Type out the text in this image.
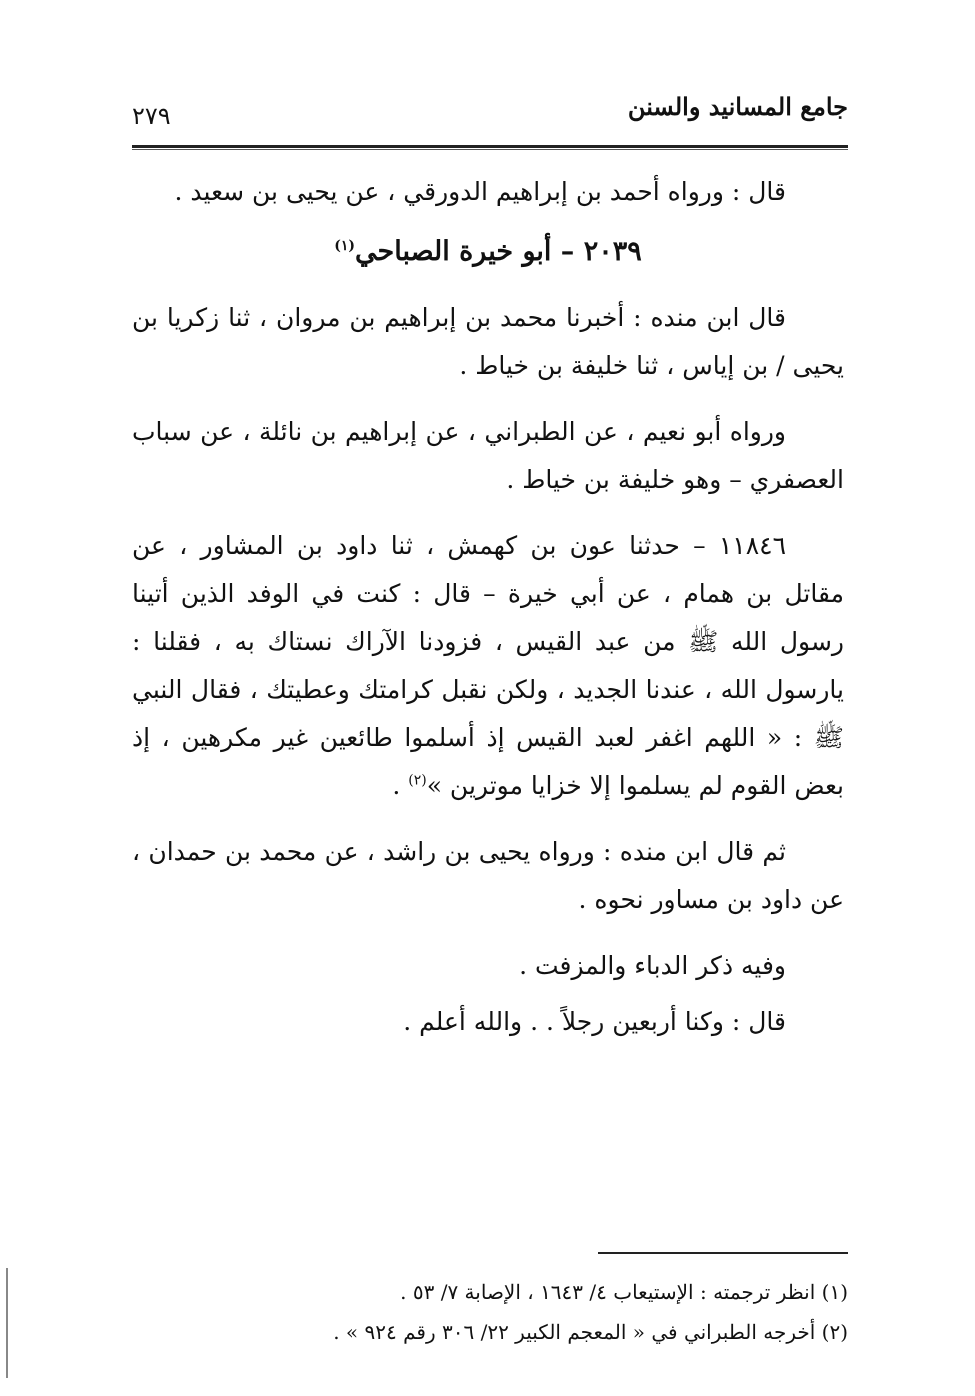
جامع المسانيد والسنن
٢٧٩

قال : ورواه أحمد بن إبراهيم الدورقي ، عن يحيى بن سعيد .

٢٠٣٩ – أبو خيرة الصباحي$^{(١)}$

قال ابن منده : أخبرنا محمد بن إبراهيم بن مروان ، ثنا زكريا بن يحيى / بن إياس ، ثنا خليفة بن خياط .

ورواه أبو نعيم ، عن الطبراني ، عن إبراهيم بن نائلة ، عن سباب العصفري – وهو خليفة بن خياط .

١١٨٤٦ – حدثنا عون بن كهمش ، ثنا داود بن المشاور ، عن مقاتل بن همام ، عن أبي خيرة – قال : كنت في الوفد الذين أتينا رسول الله ﷺ من عبد القيس ، فزودنا الآراك نستاك به ، فقلنا : يارسول الله ، عندنا الجديد ، ولكن نقبل كرامتك وعطيتك ، فقال النبي ﷺ : « اللهم اغفر لعبد القيس إذ أسلموا طائعين غير مكرهين ، إذ بعض القوم لم يسلموا إلا خزايا موترين »$^{(٢)}$ .

ثم قال ابن منده : ورواه يحيى بن راشد ، عن محمد بن حمدان ، عن داود بن مساور نحوه .

وفيه ذكر الدباء والمزفت .

قال : وكنا أربعين رجلاً . . والله أعلم .

(١) انظر ترجمته : الإستيعاب ٤/ ١٦٤٣ ، الإصابة ٧/ ٥٣ .

(٢) أخرجه الطبراني في « المعجم الكبير ٢٢/ ٣٠٦ رقم ٩٢٤ » .
